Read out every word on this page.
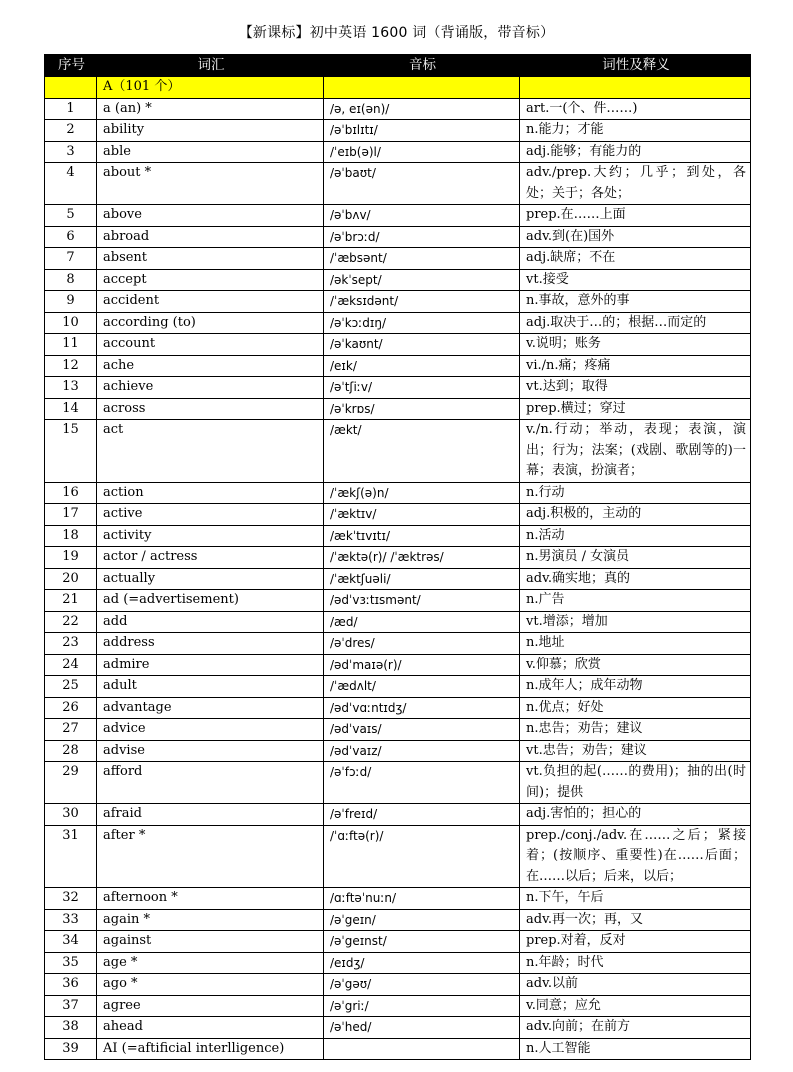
【新课标】初中英语 1600 词（背诵版，带音标）
序号	词汇	音标	词性及释义
	A（101 个）		
1	a (an) *	/ə, eɪ(ən)/	art.一(个、件……)
2	ability	/əˈbɪlɪtɪ/	n.能力；才能
3	able	/ˈeɪb(ə)l/	adj.能够；有能力的
4	about *	/əˈbaʊt/	adv./prep.大约；几乎；到处，各处；关于；各处；
5	above	/əˈbʌv/	prep.在……上面
6	abroad	/əˈbrɔːd/	adv.到(在)国外
7	absent	/ˈæbsənt/	adj.缺席；不在
8	accept	/əkˈsept/	vt.接受
9	accident	/ˈæksɪdənt/	n.事故，意外的事
10	according (to)	/əˈkɔːdɪŋ/	adj.取决于…的；根据…而定的
11	account	/əˈkaʊnt/	v.说明；账务
12	ache	/eɪk/	vi./n.痛；疼痛
13	achieve	/əˈtʃiːv/	vt.达到；取得
14	across	/əˈkrɒs/	prep.横过；穿过
15	act	/ækt/	v./n.行动；举动，表现；表演，演出；行为；法案；(戏剧、歌剧等的)一幕；表演，扮演者；
16	action	/ˈækʃ(ə)n/	n.行动
17	active	/ˈæktɪv/	adj.积极的，主动的
18	activity	/ækˈtɪvɪtɪ/	n.活动
19	actor / actress	/ˈæktə(r)/ /ˈæktrəs/	n.男演员 / 女演员
20	actually	/ˈæktʃuəli/	adv.确实地；真的
21	ad (=advertisement)	/ədˈvɜːtɪsmənt/	n.广告
22	add	/æd/	vt.增添；增加
23	address	/əˈdres/	n.地址
24	admire	/ədˈmaɪə(r)/	v.仰慕；欣赏
25	adult	/ˈædʌlt/	n.成年人；成年动物
26	advantage	/ədˈvɑːntɪdʒ/	n.优点；好处
27	advice	/ədˈvaɪs/	n.忠告；劝告；建议
28	advise	/ədˈvaɪz/	vt.忠告；劝告；建议
29	afford	/əˈfɔːd/	vt.负担的起(……的费用)；抽的出(时间)；提供
30	afraid	/əˈfreɪd/	adj.害怕的；担心的
31	after *	/ˈɑːftə(r)/	prep./conj./adv.在……之后；紧接着；(按顺序、重要性)在……后面；在……以后；后来，以后；
32	afternoon *	/ɑːftəˈnuːn/	n.下午，午后
33	again *	/əˈgeɪn/	adv.再一次；再，又
34	against	/əˈgeɪnst/	prep.对着，反对
35	age *	/eɪdʒ/	n.年龄；时代
36	ago *	/əˈgəʊ/	adv.以前
37	agree	/əˈgriː/	v.同意；应允
38	ahead	/əˈhed/	adv.向前；在前方
39	AI (=aftificial interlligence)		n.人工智能
